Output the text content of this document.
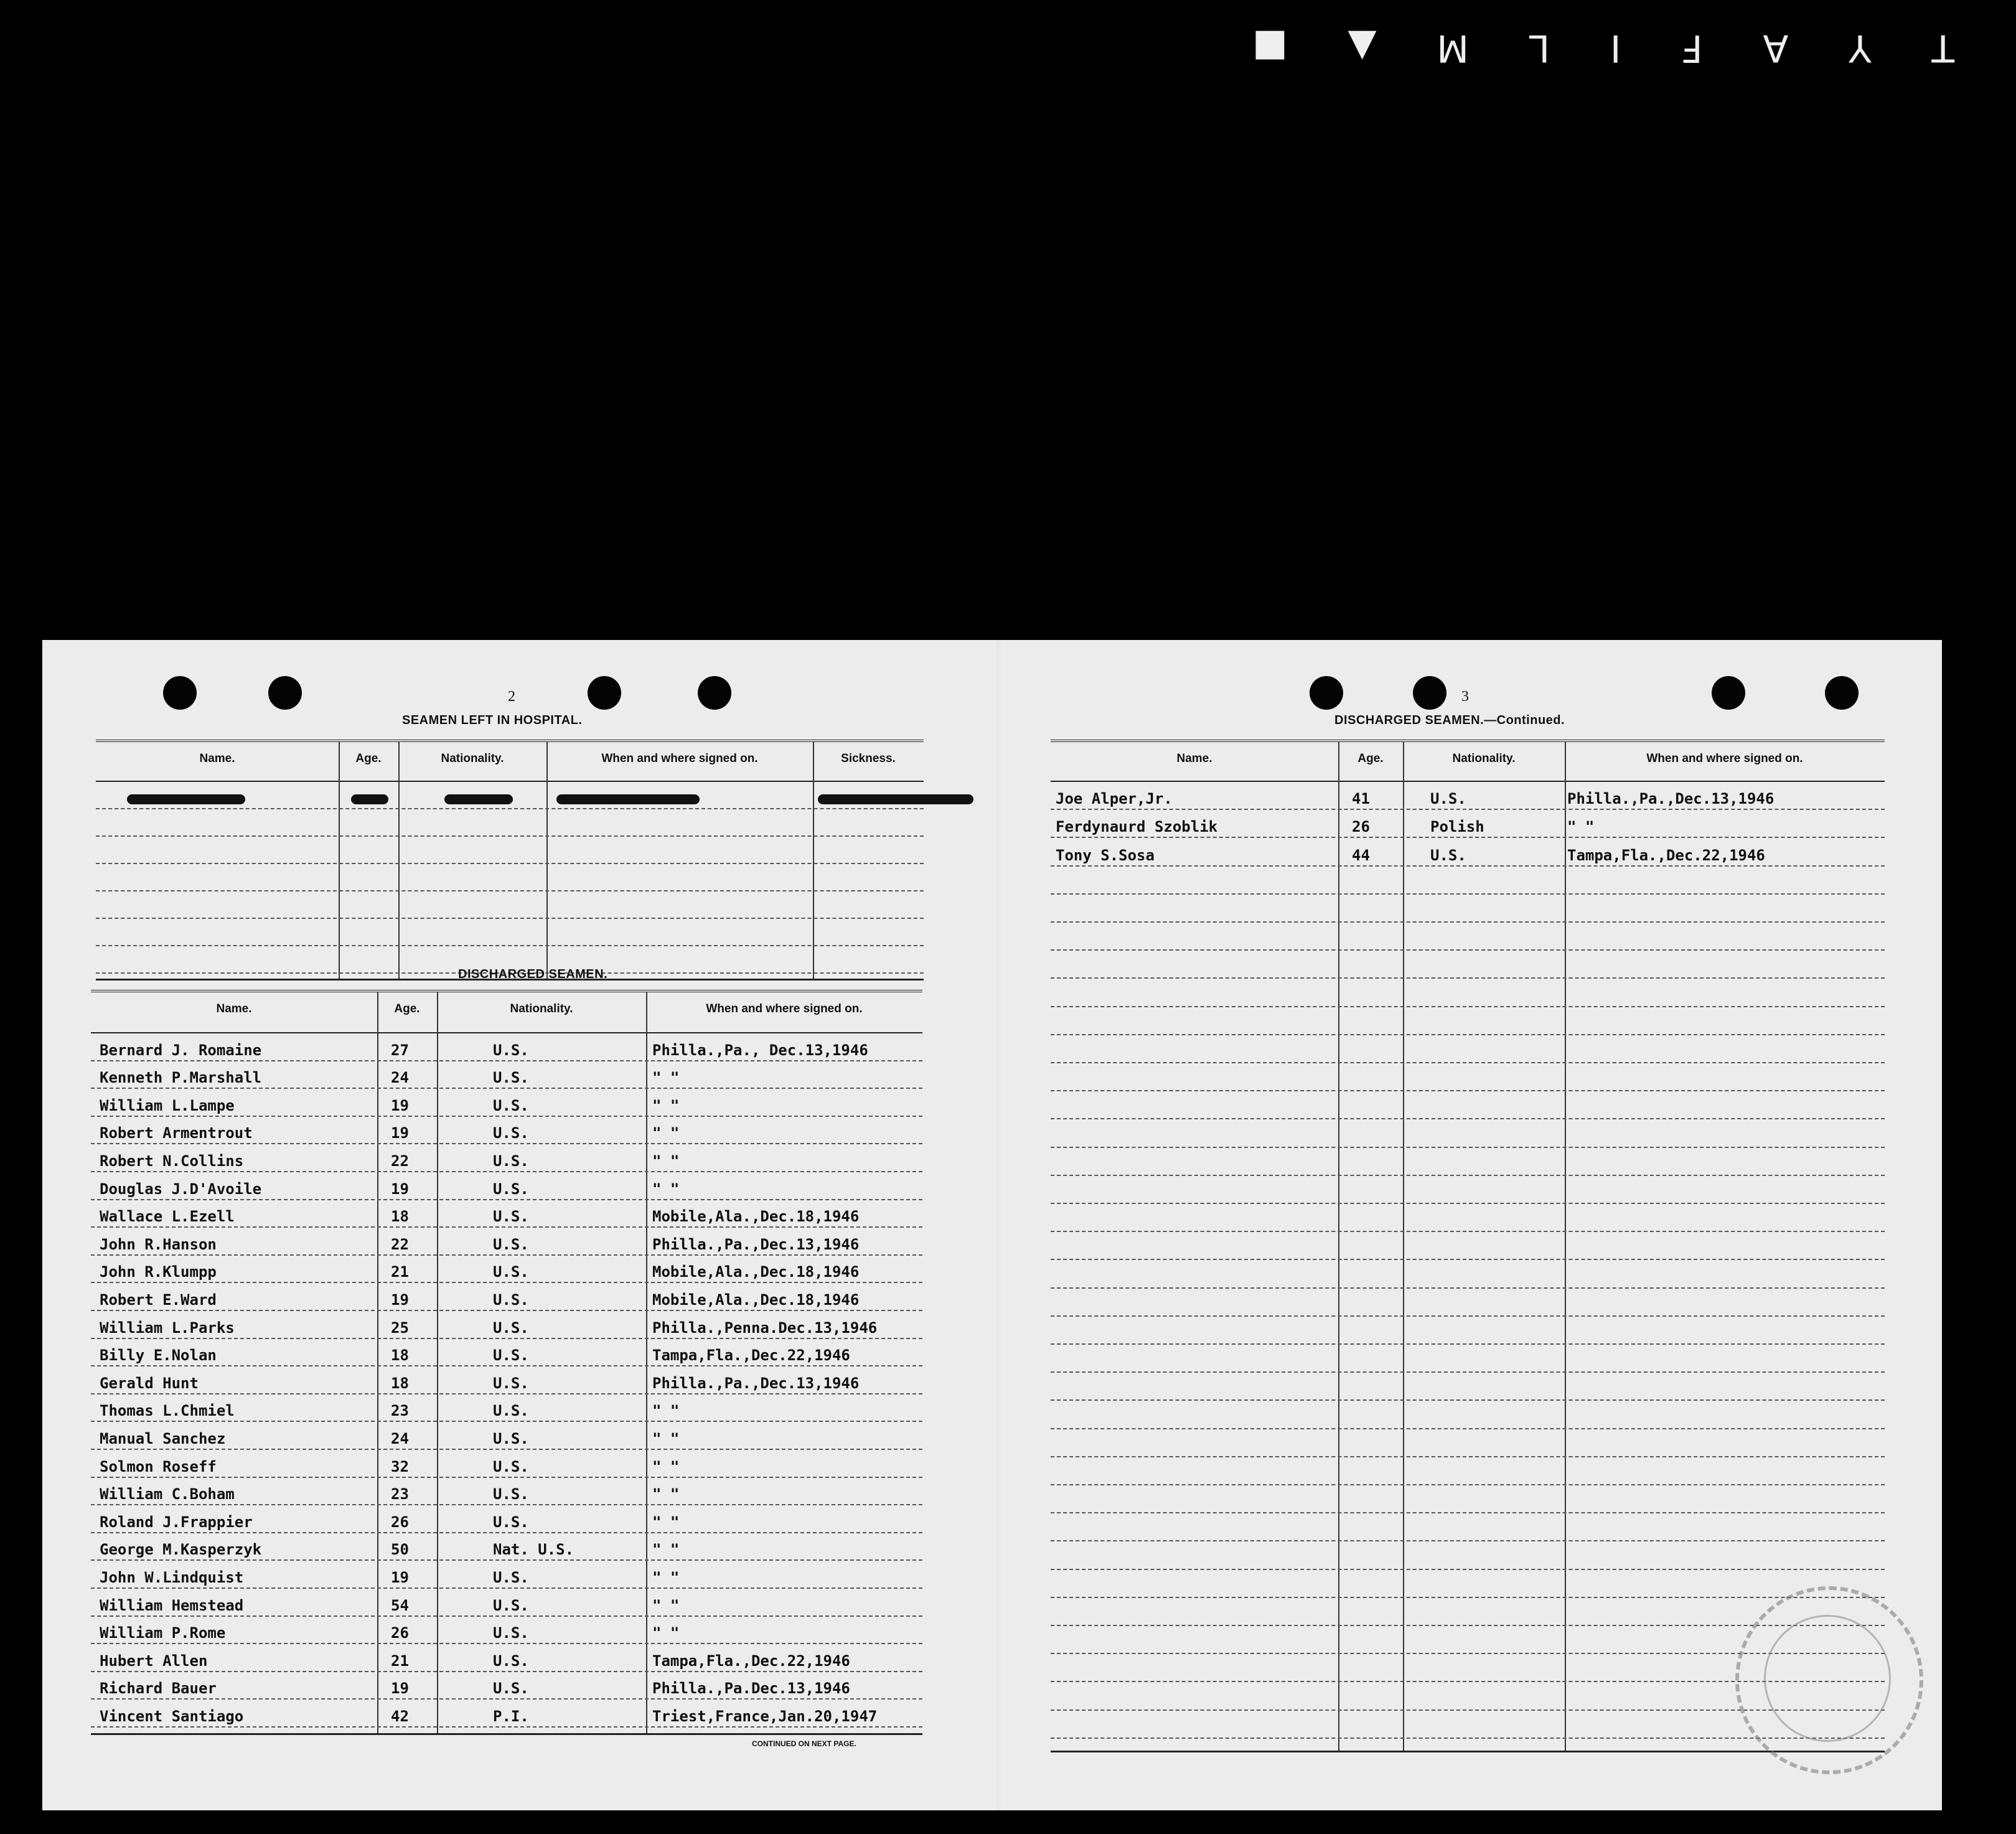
T
Y
A
F
I
L
M
▲
■
2
SEAMEN LEFT IN HOSPITAL.
Name.	Age.	Nationality.	When and where signed on.	Sickness.
DISCHARGED SEAMEN.
Name.	Age.	Nationality.	When and where signed on.
Bernard J. Romaine	27	U.S.	Philla.,Pa., Dec.13,1946
Kenneth P.Marshall	24	U.S.	" "
William L.Lampe	19	U.S.	" "
Robert Armentrout	19	U.S.	" "
Robert N.Collins	22	U.S.	" "
Douglas J.D'Avoile	19	U.S.	" "
Wallace L.Ezell	18	U.S.	Mobile,Ala.,Dec.18,1946
John R.Hanson	22	U.S.	Philla.,Pa.,Dec.13,1946
John R.Klumpp	21	U.S.	Mobile,Ala.,Dec.18,1946
Robert E.Ward	19	U.S.	Mobile,Ala.,Dec.18,1946
William L.Parks	25	U.S.	Philla.,Penna.Dec.13,1946
Billy E.Nolan	18	U.S.	Tampa,Fla.,Dec.22,1946
Gerald Hunt	18	U.S.	Philla.,Pa.,Dec.13,1946
Thomas L.Chmiel	23	U.S.	" "
Manual Sanchez	24	U.S.	" "
Solmon Roseff	32	U.S.	" "
William C.Boham	23	U.S.	" "
Roland J.Frappier	26	U.S.	" "
George M.Kasperzyk	50	Nat. U.S.	" "
John W.Lindquist	19	U.S.	" "
William Hemstead	54	U.S.	" "
William P.Rome	26	U.S.	" "
Hubert Allen	21	U.S.	Tampa,Fla.,Dec.22,1946
Richard Bauer	19	U.S.	Philla.,Pa.Dec.13,1946
Vincent Santiago	42	P.I.	Triest,France,Jan.20,1947
CONTINUED ON NEXT PAGE.
3
DISCHARGED SEAMEN.—Continued.
Name.	Age.	Nationality.	When and where signed on.
Joe Alper,Jr.	41	U.S.	Philla.,Pa.,Dec.13,1946
Ferdynaurd Szoblik	26	Polish	" "
Tony S.Sosa	44	U.S.	Tampa,Fla.,Dec.22,1946
